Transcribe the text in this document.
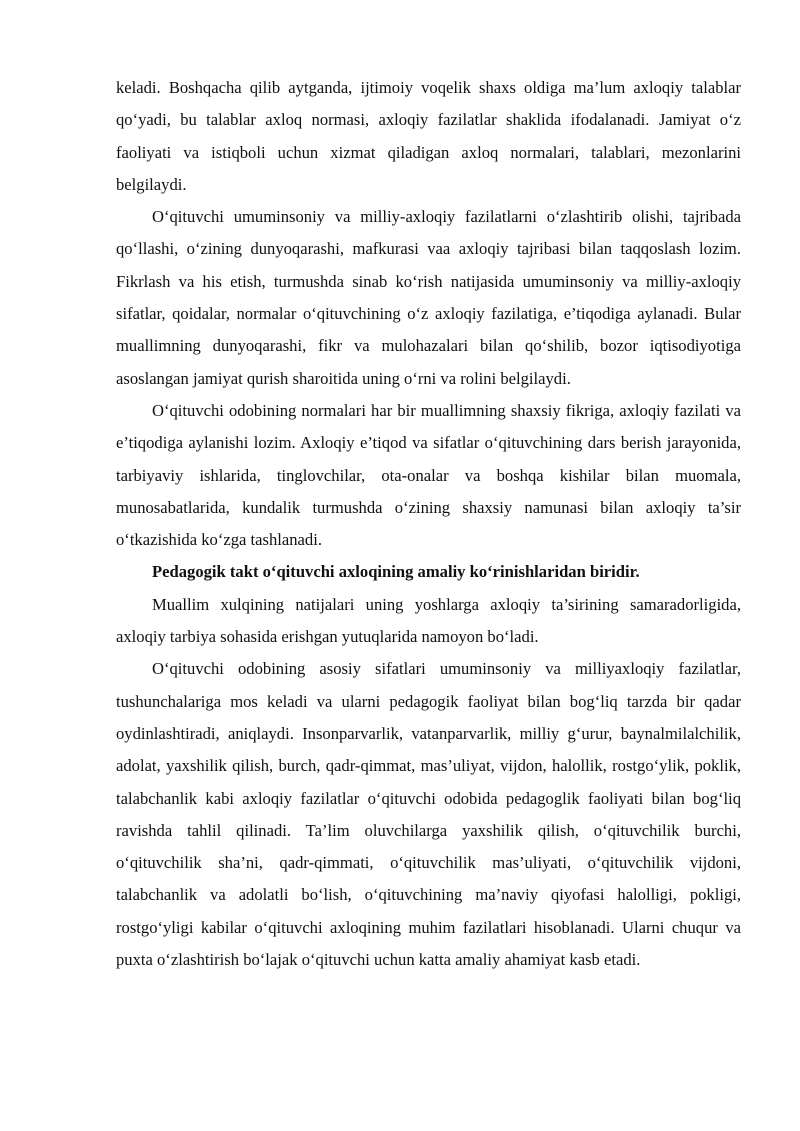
keladi. Boshqacha qilib aytganda, ijtimoiy voqelik shaxs oldiga ma’lum axloqiy talablar qo‘yadi, bu talablar axloq normasi, axloqiy fazilatlar shaklida ifodalanadi. Jamiyat o‘z faoliyati va istiqboli uchun xizmat qiladigan axloq normalari, talablari, mezonlarini belgilaydi.

O‘qituvchi umuminsoniy va milliy-axloqiy fazilatlarni o‘zlashtirib olishi, tajribada qo‘llashi, o‘zining dunyoqarashi, mafkurasi vaa axloqiy tajribasi bilan taqqoslash lozim. Fikrlash va his etish, turmushda sinab ko‘rish natijasida umuminsoniy va milliy-axloqiy sifatlar, qoidalar, normalar o‘qituvchining o‘z axloqiy fazilatiga, e’tiqodiga aylanadi. Bular muallimning dunyoqarashi, fikr va mulohazalari bilan qo‘shilib, bozor iqtisodiyotiga asoslangan jamiyat qurish sharoitida uning o‘rni va rolini belgilaydi.

O‘qituvchi odobining normalari har bir muallimning shaxsiy fikriga, axloqiy fazilati va e’tiqodiga aylanishi lozim. Axloqiy e’tiqod va sifatlar o‘qituvchining dars berish jarayonida, tarbiyaviy ishlarida, tinglovchilar, ota-onalar va boshqa kishilar bilan muomala, munosabatlarida, kundalik turmushda o‘zining shaxsiy namunasi bilan axloqiy ta’sir o‘tkazishida ko‘zga tashlanadi.

Pedagogik takt o‘qituvchi axloqining amaliy ko‘rinishlaridan biridir.

Muallim xulqining natijalari uning yoshlarga axloqiy ta’sirining samaradorligida, axloqiy tarbiya sohasida erishgan yutuqlarida namoyon bo‘ladi.

O‘qituvchi odobining asosiy sifatlari umuminsoniy va milliyaxloqiy fazilatlar, tushunchalariga mos keladi va ularni pedagogik faoliyat bilan bog‘liq tarzda bir qadar oydinlashtiradi, aniqlaydi. Insonparvarlik, vatanparvarlik, milliy g‘urur, baynalmilalchilik, adolat, yaxshilik qilish, burch, qadr-qimmat, mas’uliyat, vijdon, halollik, rostgo‘ylik, poklik, talabchanlik kabi axloqiy fazilatlar o‘qituvchi odobida pedagoglik faoliyati bilan bog‘liq ravishda tahlil qilinadi. Ta’lim oluvchilarga yaxshilik qilish, o‘qituvchilik burchi, o‘qituvchilik sha’ni, qadr-qimmati, o‘qituvchilik mas’uliyati, o‘qituvchilik vijdoni, talabchanlik va adolatli bo‘lish, o‘qituvchining ma’naviy qiyofasi halolligi, pokligi, rostgo‘yligi kabilar o‘qituvchi axloqining muhim fazilatlari hisoblanadi. Ularni chuqur va puxta o‘zlashtirish bo‘lajak o‘qituvchi uchun katta amaliy ahamiyat kasb etadi.
